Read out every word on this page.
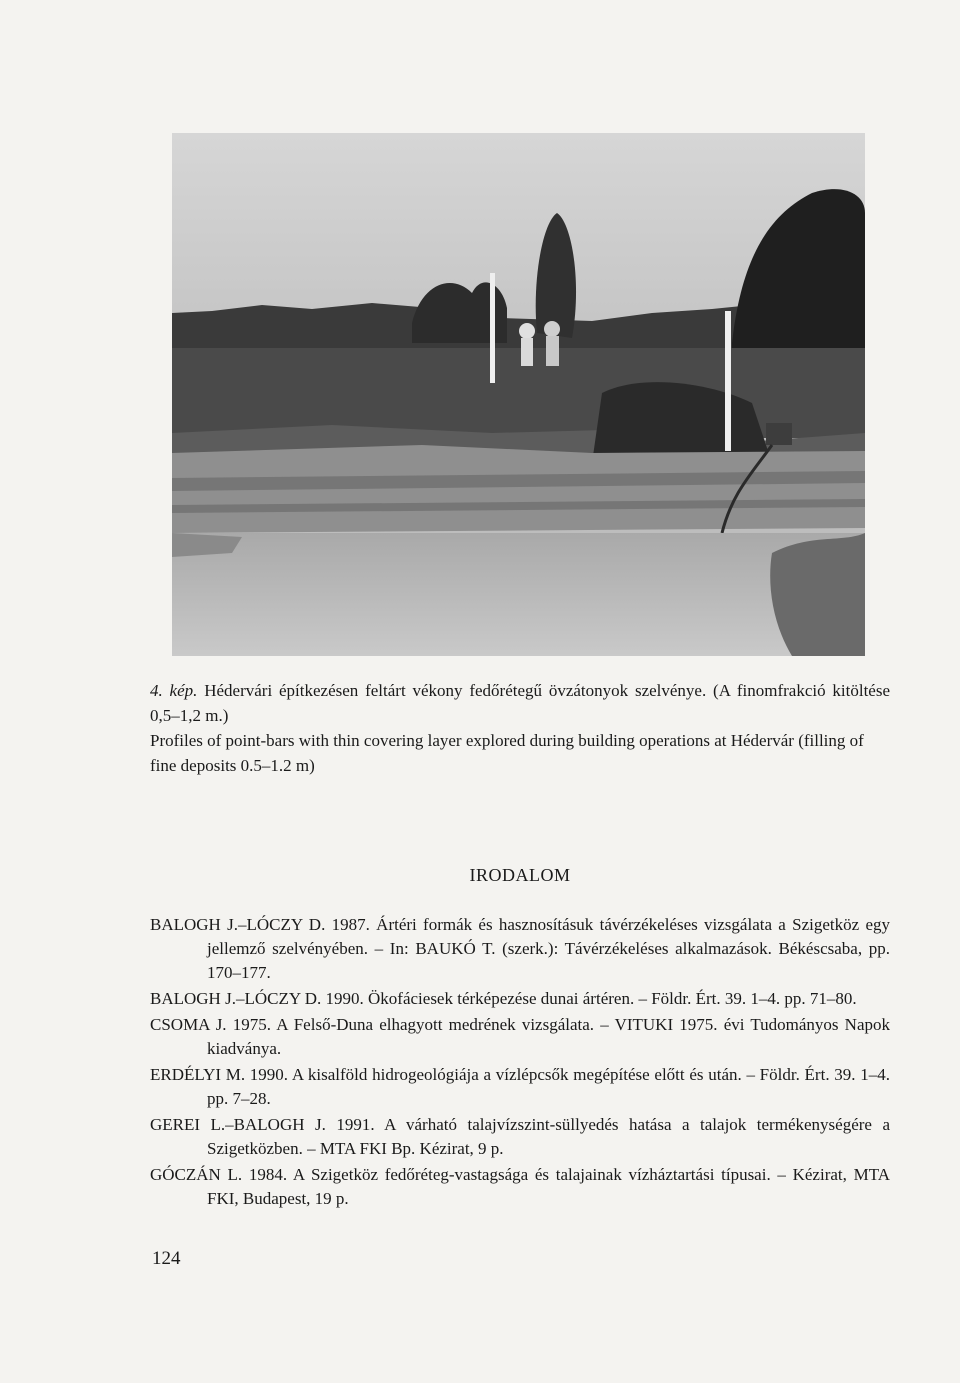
4. kép. Hédervári építkezésen feltárt vékony fedőrétegű övzátonyok szelvénye. (A finomfrakció kitöltése 0,5–1,2 m.)

Profiles of point-bars with thin covering layer explored during building operations at Hédervár (filling of fine deposits 0.5–1.2 m)

IRODALOM

BALOGH J.–LÓCZY D. 1987. Ártéri formák és hasznosításuk távérzékeléses vizsgálata a Szigetköz egy jellemző szelvényében. – In: BAUKÓ T. (szerk.): Távérzékeléses alkalmazások. Békéscsaba, pp. 170–177.

BALOGH J.–LÓCZY D. 1990. Ökofáciesek térképezése dunai ártéren. – Földr. Ért. 39. 1–4. pp. 71–80.

CSOMA J. 1975. A Felső-Duna elhagyott medrének vizsgálata. – VITUKI 1975. évi Tudományos Napok kiadványa.

ERDÉLYI M. 1990. A kisalföld hidrogeológiája a vízlépcsők megépítése előtt és után. – Földr. Ért. 39. 1–4. pp. 7–28.

GEREI L.–BALOGH J. 1991. A várható talajvízszint-süllyedés hatása a talajok termékenységére a Szigetközben. – MTA FKI Bp. Kézirat, 9 p.

GÓCZÁN L. 1984. A Szigetköz fedőréteg-vastagsága és talajainak vízháztartási típusai. – Kézirat, MTA FKI, Budapest, 19 p.

124
